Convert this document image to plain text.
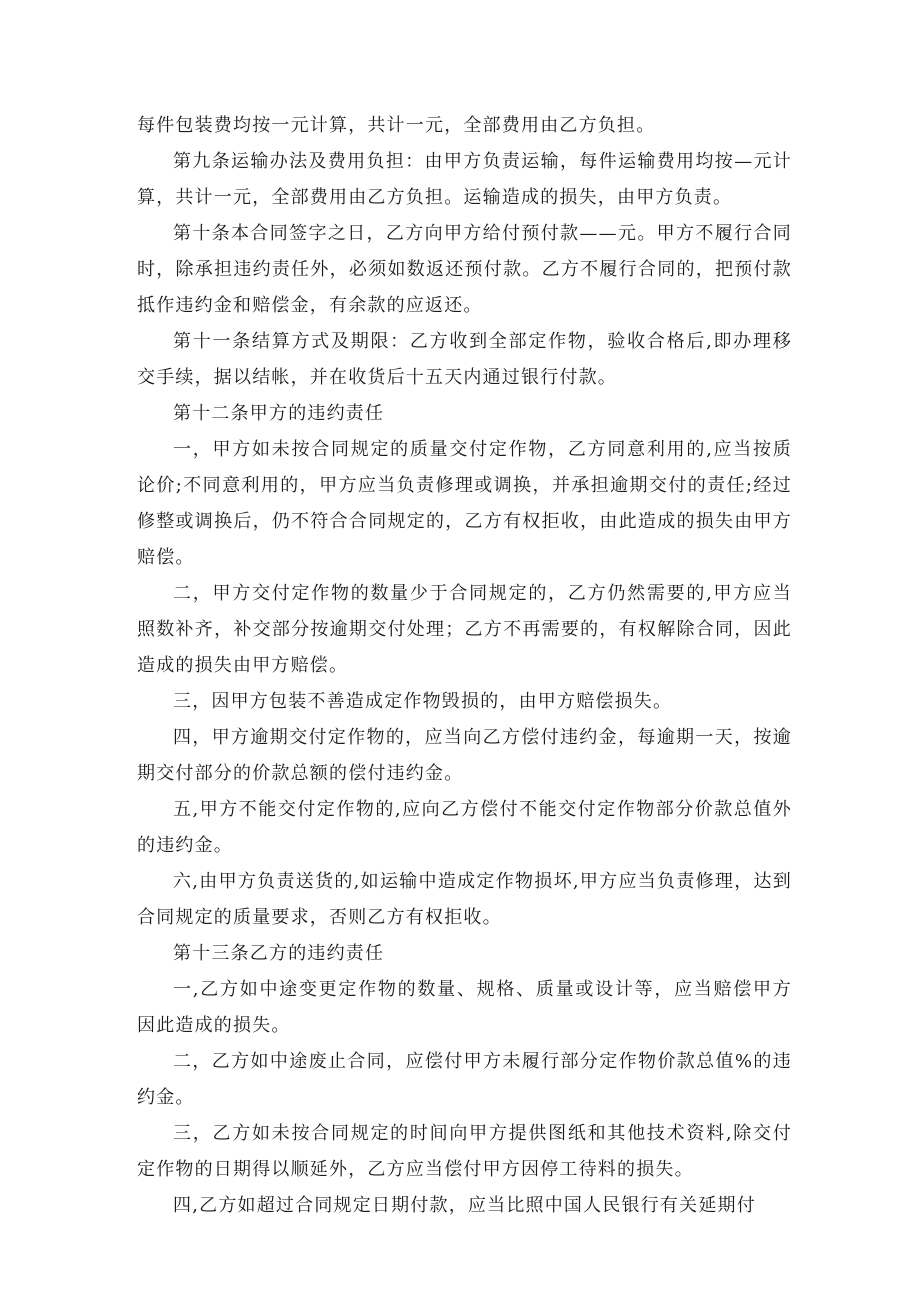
每件包装费均按一元计算，共计一元，全部费用由乙方负担。

第九条运输办法及费用负担：由甲方负责运输，每件运输费用均按—元计算，共计一元，全部费用由乙方负担。运输造成的损失，由甲方负责。

第十条本合同签字之日，乙方向甲方给付预付款——元。甲方不履行合同时，除承担违约责任外，必须如数返还预付款。乙方不履行合同的，把预付款抵作违约金和赔偿金，有余款的应返还。

第十一条结算方式及期限：乙方收到全部定作物，验收合格后,即办理移交手续，据以结帐，并在收货后十五天内通过银行付款。

第十二条甲方的违约责任

一，甲方如未按合同规定的质量交付定作物，乙方同意利用的,应当按质论价;不同意利用的，甲方应当负责修理或调换，并承担逾期交付的责任;经过修整或调换后，仍不符合合同规定的，乙方有权拒收，由此造成的损失由甲方赔偿。

二，甲方交付定作物的数量少于合同规定的，乙方仍然需要的,甲方应当照数补齐，补交部分按逾期交付处理；乙方不再需要的，有权解除合同，因此造成的损失由甲方赔偿。

三，因甲方包装不善造成定作物毁损的，由甲方赔偿损失。

四，甲方逾期交付定作物的，应当向乙方偿付违约金，每逾期一天，按逾期交付部分的价款总额的偿付违约金。

五,甲方不能交付定作物的,应向乙方偿付不能交付定作物部分价款总值外的违约金。

六,由甲方负责送货的,如运输中造成定作物损坏,甲方应当负责修理，达到合同规定的质量要求，否则乙方有权拒收。

第十三条乙方的违约责任

一,乙方如中途变更定作物的数量、规格、质量或设计等，应当赔偿甲方因此造成的损失。

二，乙方如中途废止合同，应偿付甲方未履行部分定作物价款总值%的违约金。

三，乙方如未按合同规定的时间向甲方提供图纸和其他技术资料,除交付定作物的日期得以顺延外，乙方应当偿付甲方因停工待料的损失。

四,乙方如超过合同规定日期付款，应当比照中国人民银行有关延期付
